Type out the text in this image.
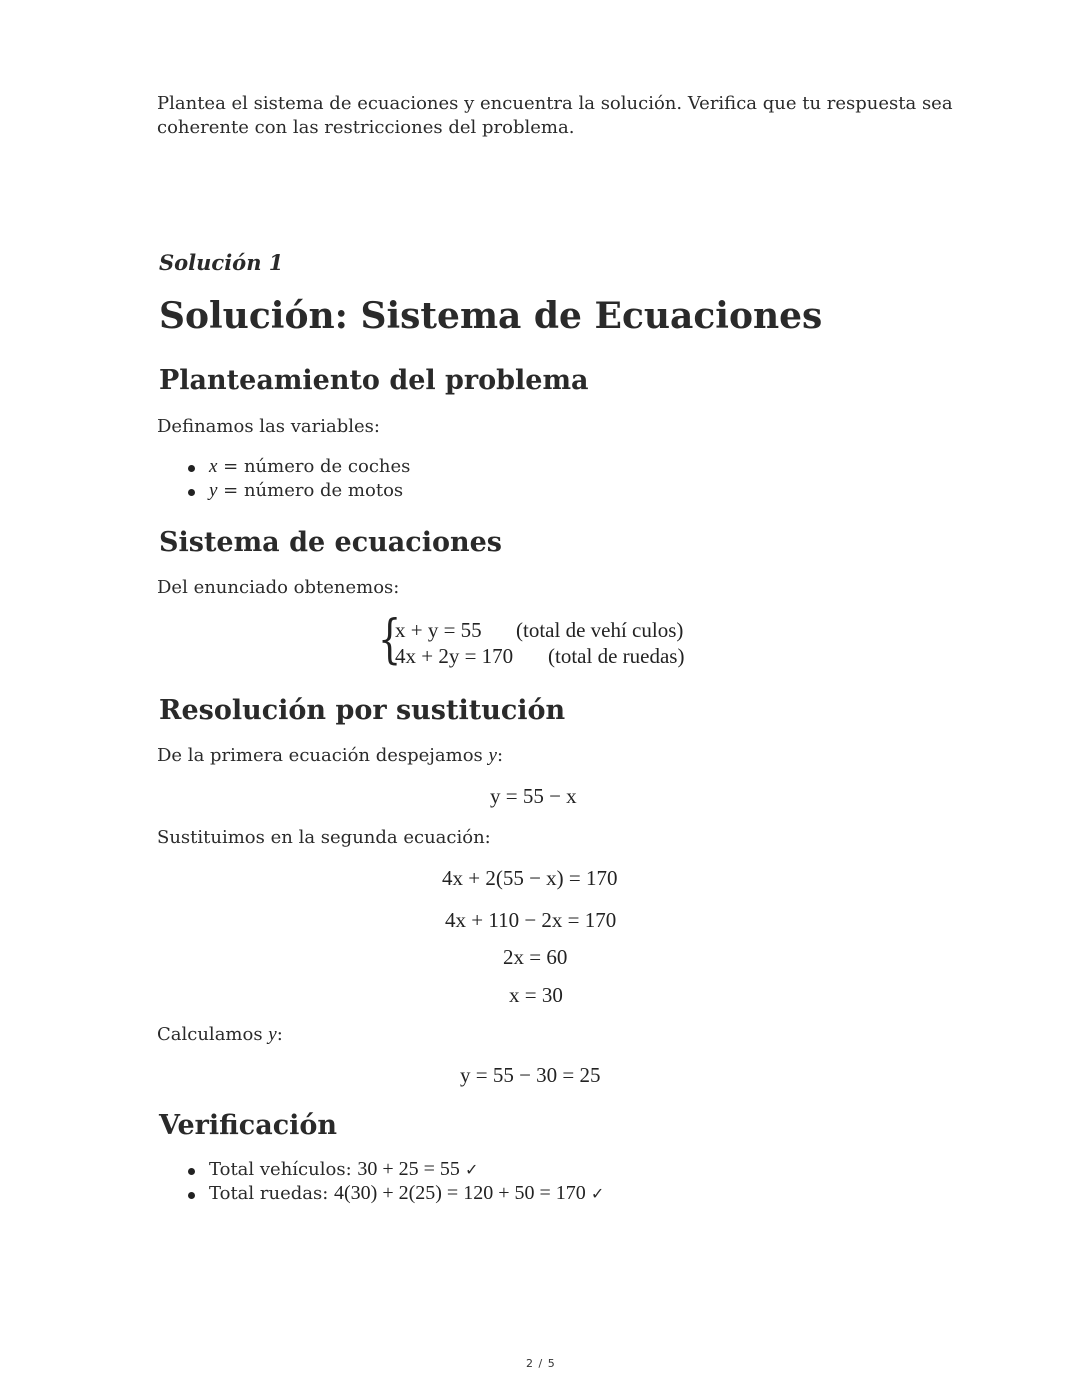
Plantea el sistema de ecuaciones y encuentra la solución. Verifica que tu respuesta sea
coherente con las restricciones del problema.
Solución 1
Solución: Sistema de Ecuaciones
Planteamiento del problema
Definamos las variables:
x = número de coches
y = número de motos
Sistema de ecuaciones
Del enunciado obtenemos:
{
x + y = 55 (total de vehí culos)
4x + 2y = 170 (total de ruedas)
Resolución por sustitución
De la primera ecuación despejamos y:
y = 55 − x
Sustituimos en la segunda ecuación:
4x + 2(55 − x) = 170
4x + 110 − 2x = 170
2x = 60
x = 30
Calculamos y:
y = 55 − 30 = 25
Verificación
Total vehículos: 30 + 25 = 55 ✓
Total ruedas: 4(30) + 2(25) = 120 + 50 = 170 ✓
2 / 5
